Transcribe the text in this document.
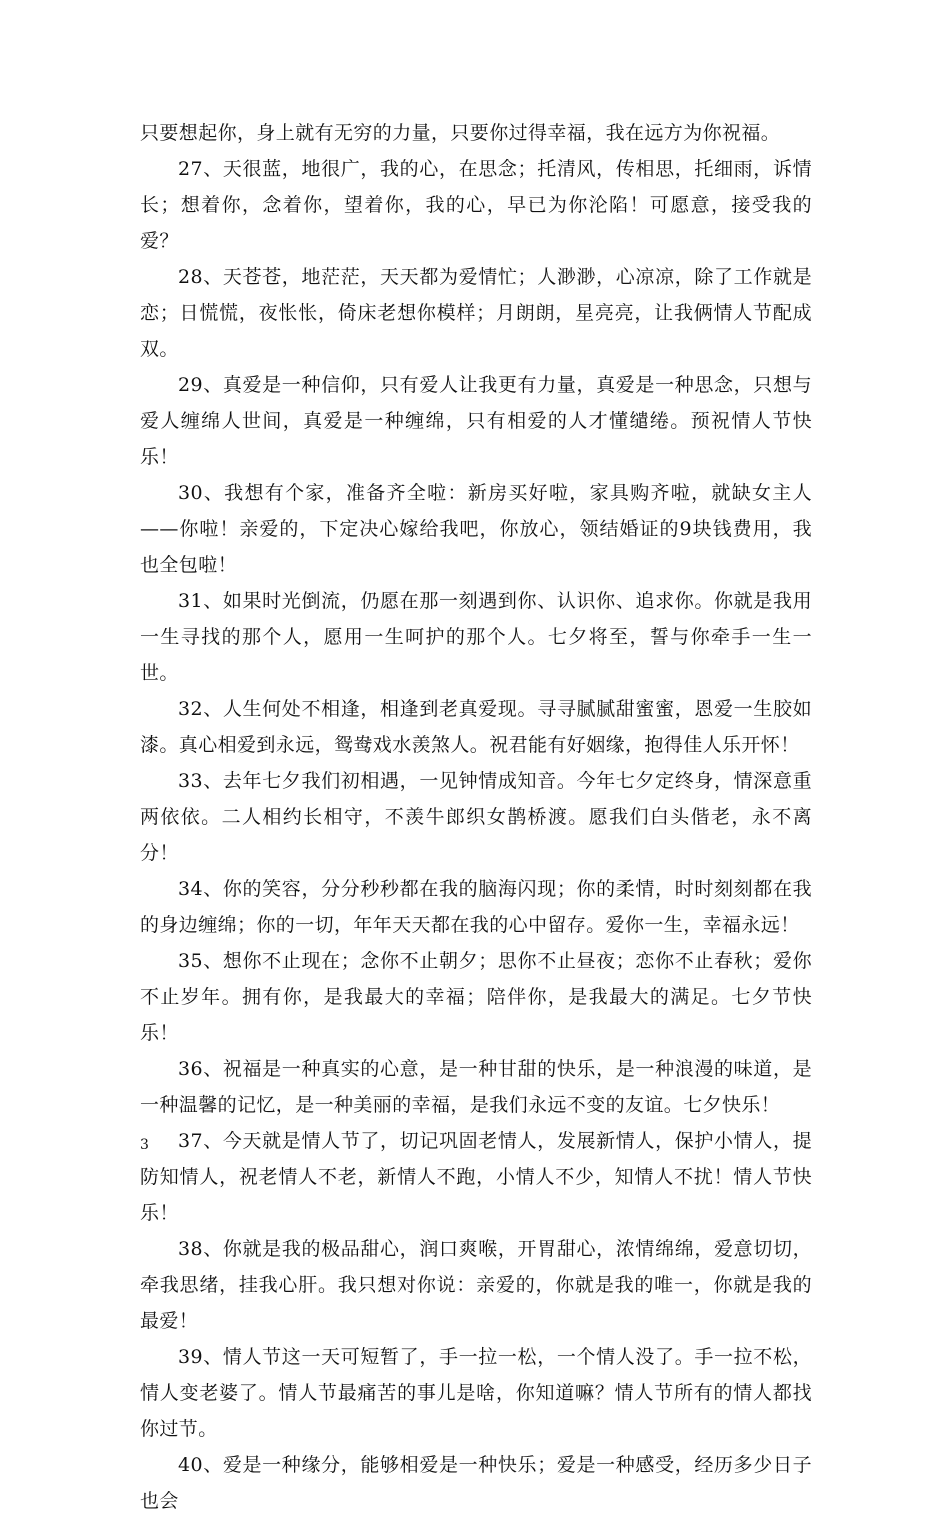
只要想起你，身上就有无穷的力量，只要你过得幸福，我在远方为你祝福。

27、天很蓝，地很广，我的心，在思念；托清风，传相思，托细雨，诉情长；想着你，念着你，望着你，我的心，早已为你沦陷！可愿意，接受我的爱？

28、天苍苍，地茫茫，天天都为爱情忙；人渺渺，心凉凉，除了工作就是恋；日慌慌，夜怅怅，倚床老想你模样；月朗朗，星亮亮，让我俩情人节配成双。

29、真爱是一种信仰，只有爱人让我更有力量，真爱是一种思念，只想与爱人缠绵人世间，真爱是一种缠绵，只有相爱的人才懂缱绻。预祝情人节快乐！

30、我想有个家，准备齐全啦：新房买好啦，家具购齐啦，就缺女主人——你啦！亲爱的，下定决心嫁给我吧，你放心，领结婚证的9块钱费用，我也全包啦！

31、如果时光倒流，仍愿在那一刻遇到你、认识你、追求你。你就是我用一生寻找的那个人，愿用一生呵护的那个人。七夕将至，誓与你牵手一生一世。

32、人生何处不相逢，相逢到老真爱现。寻寻腻腻甜蜜蜜，恩爱一生胶如漆。真心相爱到永远，鸳鸯戏水羡煞人。祝君能有好姻缘，抱得佳人乐开怀！

33、去年七夕我们初相遇，一见钟情成知音。今年七夕定终身，情深意重两依依。二人相约长相守，不羡牛郎织女鹊桥渡。愿我们白头偕老，永不离分！

34、你的笑容，分分秒秒都在我的脑海闪现；你的柔情，时时刻刻都在我的身边缠绵；你的一切，年年天天都在我的心中留存。爱你一生，幸福永远！

35、想你不止现在；念你不止朝夕；思你不止昼夜；恋你不止春秋；爱你不止岁年。拥有你，是我最大的幸福；陪伴你，是我最大的满足。七夕节快乐！

36、祝福是一种真实的心意，是一种甘甜的快乐，是一种浪漫的味道，是一种温馨的记忆，是一种美丽的幸福，是我们永远不变的友谊。七夕快乐！

37、今天就是情人节了，切记巩固老情人，发展新情人，保护小情人，提防知情人，祝老情人不老，新情人不跑，小情人不少，知情人不扰！情人节快乐！

38、你就是我的极品甜心，润口爽喉，开胃甜心，浓情绵绵，爱意切切，牵我思绪，挂我心肝。我只想对你说：亲爱的，你就是我的唯一，你就是我的最爱！

39、情人节这一天可短暂了，手一拉一松，一个情人没了。手一拉不松，情人变老婆了。情人节最痛苦的事儿是啥，你知道嘛？情人节所有的情人都找你过节。

40、爱是一种缘分，能够相爱是一种快乐；爱是一种感受，经历多少日子也会

3
